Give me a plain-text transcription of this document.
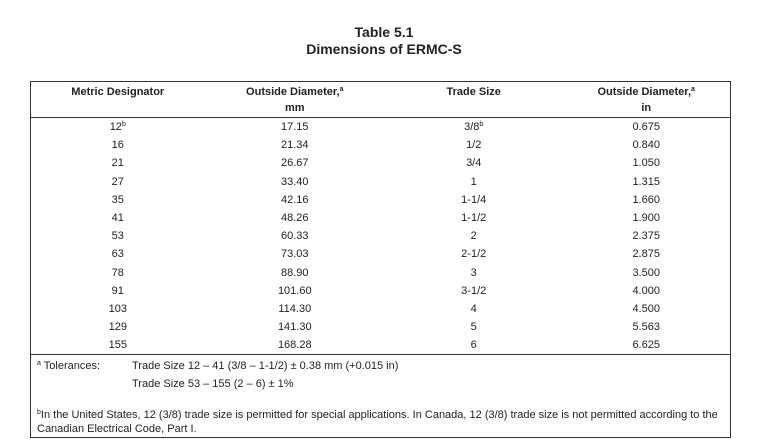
Table 5.1
Dimensions of ERMC-S
Metric Designator	Outside Diameter,$^a$	Trade Size	Outside Diameter,$^a$
	mm		in
12$^b$	17.15	3/8$^b$	0.675
16	21.34	1/2	0.840
21	26.67	3/4	1.050
27	33.40	1	1.315
35	42.16	1-1/4	1.660
41	48.26	1-1/2	1.900
53	60.33	2	2.375
63	73.03	2-1/2	2.875
78	88.90	3	3.500
91	101.60	3-1/2	4.000
103	114.30	4	4.500
129	141.30	5	5.563
155	168.28	6	6.625
$^a$ Tolerances:	Trade Size 12 – 41 (3/8 – 1-1/2) ± 0.38 mm (+0.015 in)
Trade Size 53 – 155 (2 – 6) ± 1%
$^b$In the United States, 12 (3/8) trade size is permitted for special applications. In Canada, 12 (3/8) trade size is not permitted according to the Canadian Electrical Code, Part I.
